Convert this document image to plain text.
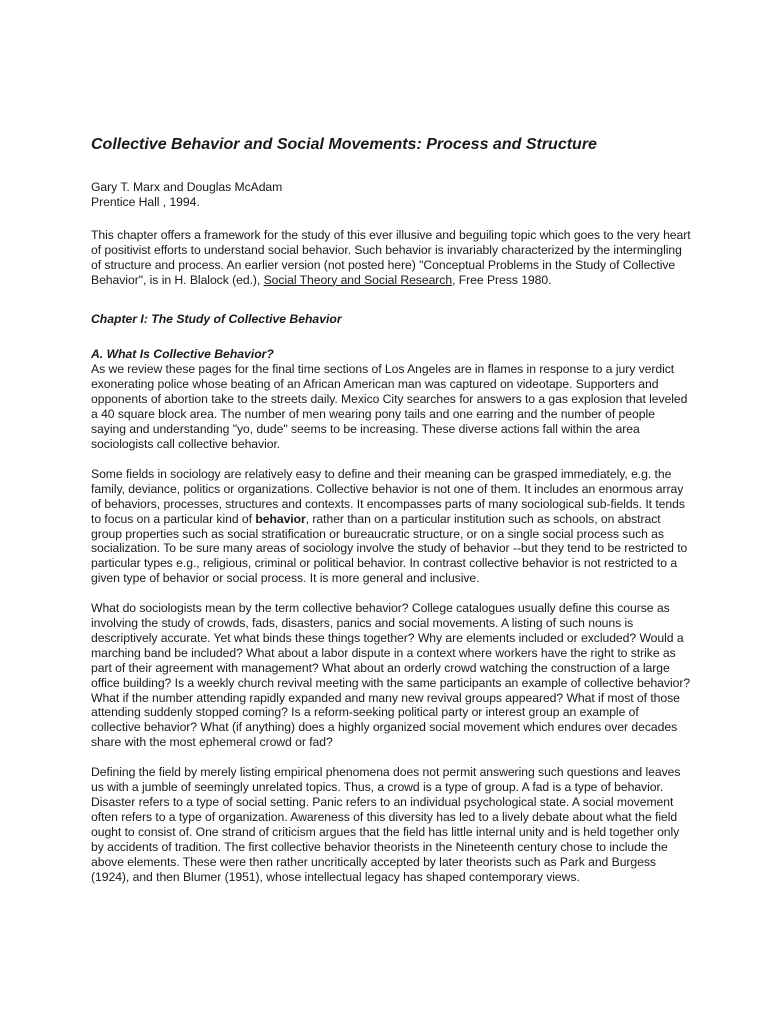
Collective Behavior and Social Movements: Process and Structure

Gary T. Marx and Douglas McAdam

Prentice Hall , 1994.

This chapter offers a framework for the study of this ever illusive and beguiling topic which goes to the very heart of positivist efforts to understand social behavior. Such behavior is invariably characterized by the intermingling of structure and process. An earlier version (not posted here) "Conceptual Problems in the Study of Collective Behavior", is in H. Blalock (ed.), Social Theory and Social Research, Free Press 1980.

Chapter I: The Study of Collective Behavior
A. What Is Collective Behavior?

As we review these pages for the final time sections of Los Angeles are in flames in response to a jury verdict exonerating police whose beating of an African American man was captured on videotape. Supporters and opponents of abortion take to the streets daily. Mexico City searches for answers to a gas explosion that leveled a 40 square block area. The number of men wearing pony tails and one earring and the number of people saying and understanding "yo, dude" seems to be increasing. These diverse actions fall within the area sociologists call collective behavior.

Some fields in sociology are relatively easy to define and their meaning can be grasped immediately, e.g. the family, deviance, politics or organizations. Collective behavior is not one of them. It includes an enormous array of behaviors, processes, structures and contexts. It encompasses parts of many sociological sub-fields. It tends to focus on a particular kind of behavior, rather than on a particular institution such as schools, on abstract group properties such as social stratification or bureaucratic structure, or on a single social process such as socialization. To be sure many areas of sociology involve the study of behavior --but they tend to be restricted to particular types e.g., religious, criminal or political behavior. In contrast collective behavior is not restricted to a given type of behavior or social process. It is more general and inclusive.

What do sociologists mean by the term collective behavior? College catalogues usually define this course as involving the study of crowds, fads, disasters, panics and social movements. A listing of such nouns is descriptively accurate. Yet what binds these things together? Why are elements included or excluded? Would a marching band be included? What about a labor dispute in a context where workers have the right to strike as part of their agreement with management? What about an orderly crowd watching the construction of a large office building? Is a weekly church revival meeting with the same participants an example of collective behavior? What if the number attending rapidly expanded and many new revival groups appeared? What if most of those attending suddenly stopped coming? Is a reform-seeking political party or interest group an example of collective behavior? What (if anything) does a highly organized social movement which endures over decades share with the most ephemeral crowd or fad?

Defining the field by merely listing empirical phenomena does not permit answering such questions and leaves us with a jumble of seemingly unrelated topics. Thus, a crowd is a type of group. A fad is a type of behavior. Disaster refers to a type of social setting. Panic refers to an individual psychological state. A social movement often refers to a type of organization. Awareness of this diversity has led to a lively debate about what the field ought to consist of. One strand of criticism argues that the field has little internal unity and is held together only by accidents of tradition. The first collective behavior theorists in the Nineteenth century chose to include the above elements. These were then rather uncritically accepted by later theorists such as Park and Burgess (1924), and then Blumer (1951), whose intellectual legacy has shaped contemporary views.
